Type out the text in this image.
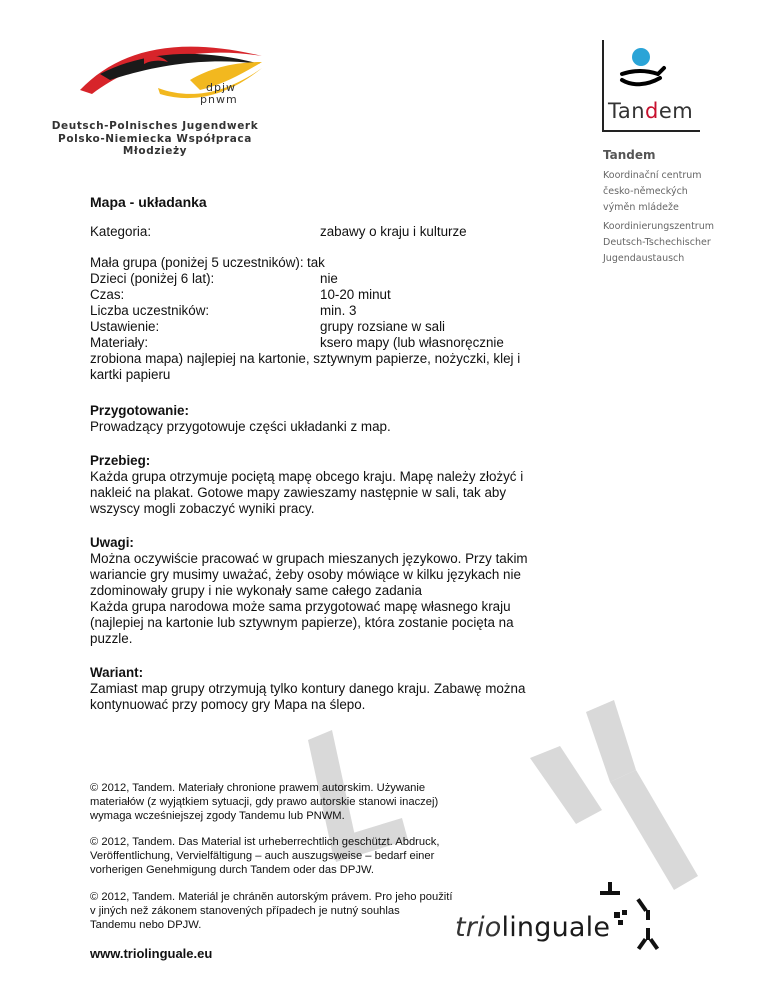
dpjw
pnwm
Deutsch-Polnisches Jugendwerk
Polsko-Niemiecka Współpraca Młodzieży
Tandem
Tandem
Koordinační centrum
česko-německých
výměn mládeže
Koordinierungszentrum
Deutsch-Tschechischer
Jugendaustausch
Mapa - układanka
Kategoria:	zabawy o kraju i kulturze
Mała grupa (poniżej 5 uczestników): tak
Dzieci (poniżej 6 lat):	nie
Czas:	10-20 minut
Liczba uczestników:	min. 3
Ustawienie:	grupy rozsiane w sali
Materiały:	ksero mapy (lub własnoręcznie
zrobiona mapa) najlepiej na kartonie, sztywnym papierze, nożyczki, klej i
kartki papieru
Przygotowanie:
Prowadzący przygotowuje części układanki z map.
Przebieg:
Każda grupa otrzymuje pociętą mapę obcego kraju. Mapę należy złożyć i
nakleić na plakat. Gotowe mapy zawieszamy następnie w sali, tak aby
wszyscy mogli zobaczyć wyniki pracy.
Uwagi:
Można oczywiście pracować w grupach mieszanych językowo. Przy takim
wariancie gry musimy uważać, żeby osoby mówiące w kilku językach nie
zdominowały grupy i nie wykonały same całego zadania
Każda grupa narodowa może sama przygotować mapę własnego kraju
(najlepiej na kartonie lub sztywnym papierze), która zostanie pocięta na
puzzle.
Wariant:
Zamiast map grupy otrzymują tylko kontury danego kraju. Zabawę można
kontynuować przy pomocy gry Mapa na ślepo.
© 2012, Tandem. Materiały chronione prawem autorskim. Używanie
materiałów (z wyjątkiem sytuacji, gdy prawo autorskie stanowi inaczej)
wymaga wcześniejszej zgody Tandemu lub PNWM.
© 2012, Tandem. Das Material ist urheberrechtlich geschützt. Abdruck,
Veröffentlichung, Vervielfältigung – auch auszugsweise – bedarf einer
vorherigen Genehmigung durch Tandem oder das DPJW.
© 2012, Tandem. Materiál je chráněn autorským právem. Pro jeho použití
v jiných než zákonem stanovených případech je nutný souhlas
Tandemu nebo DPJW.
www.triolinguale.eu
triolinguale
